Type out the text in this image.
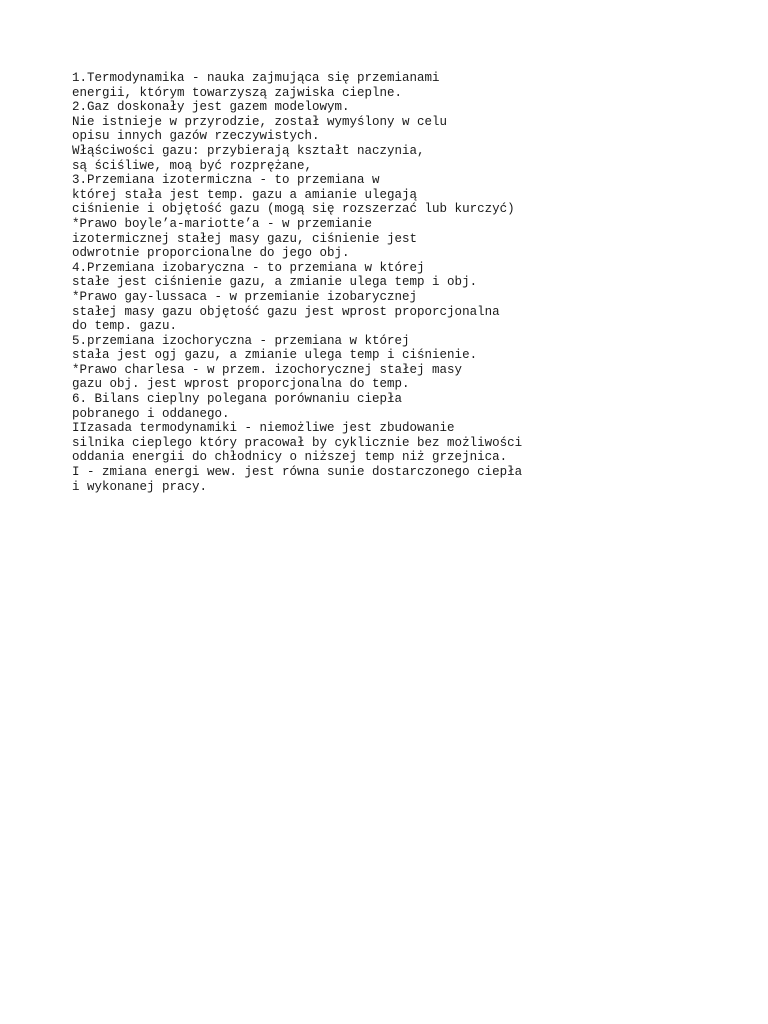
1.Termodynamika - nauka zajmująca się przemianami
energii, którym towarzyszą zajwiska cieplne.
2.Gaz doskonały jest gazem modelowym.
Nie istnieje w przyrodzie, został wymyślony w celu
opisu innych gazów rzeczywistych.
Włąściwości gazu: przybierają kształt naczynia,
są ściśliwe, moą być rozprężane,
3.Przemiana izotermiczna - to przemiana w
której stała jest temp. gazu a amianie ulegają
ciśnienie i objętość gazu (mogą się rozszerzać lub kurczyć)
*Prawo boyle’a-mariotte’a - w przemianie
izotermicznej stałej masy gazu, ciśnienie jest
odwrotnie proporcionalne do jego obj.
4.Przemiana izobaryczna - to przemiana w której
stałe jest ciśnienie gazu, a zmianie ulega temp i obj.
*Prawo gay-lussaca - w przemianie izobarycznej
stałej masy gazu objętość gazu jest wprost proporcjonalna
do temp. gazu.
5.przemiana izochoryczna - przemiana w której
stała jest ogj gazu, a zmianie ulega temp i ciśnienie.
*Prawo charlesa - w przem. izochorycznej stałej masy
gazu obj. jest wprost proporcjonalna do temp.
6. Bilans cieplny polegana porównaniu ciepła
pobranego i oddanego.
IIzasada termodynamiki - niemożliwe jest zbudowanie
silnika cieplego który pracował by cyklicznie bez możliwości
oddania energii do chłodnicy o niższej temp niż grzejnica.
I - zmiana energi wew. jest równa sunie dostarczonego ciepła
i wykonanej pracy.
